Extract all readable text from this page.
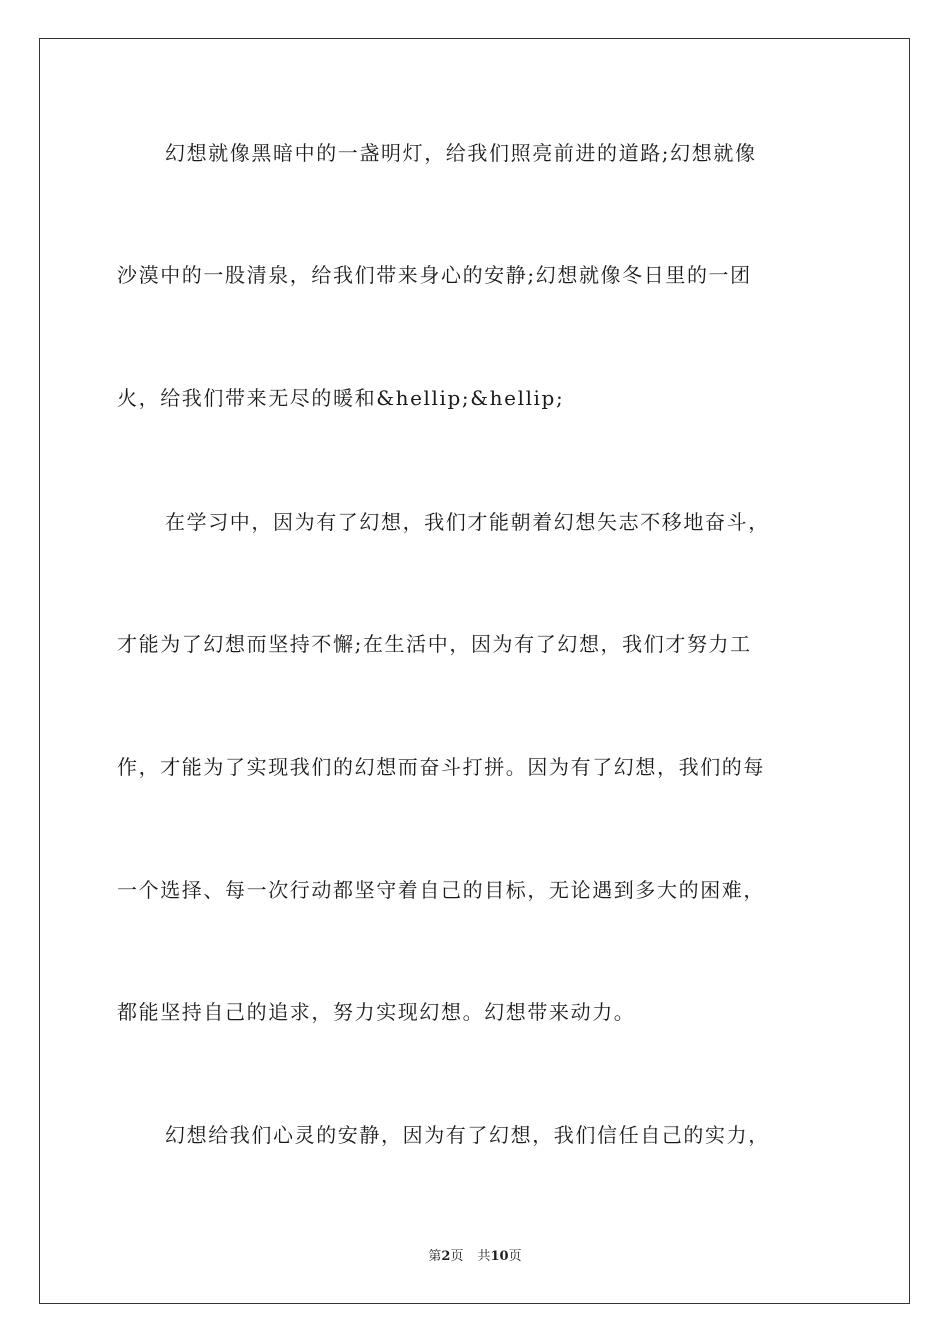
幻想就像黑暗中的一盏明灯，给我们照亮前进的道路;幻想就像
沙漠中的一股清泉，给我们带来身心的安静;幻想就像冬日里的一团
火，给我们带来无尽的暖和&hellip;&hellip;
在学习中，因为有了幻想，我们才能朝着幻想矢志不移地奋斗，
才能为了幻想而坚持不懈;在生活中，因为有了幻想，我们才努力工
作，才能为了实现我们的幻想而奋斗打拼。因为有了幻想，我们的每
一个选择、每一次行动都坚守着自己的目标，无论遇到多大的困难，
都能坚持自己的追求，努力实现幻想。幻想带来动力。
幻想给我们心灵的安静，因为有了幻想，我们信任自己的实力，
第2页 共10页
